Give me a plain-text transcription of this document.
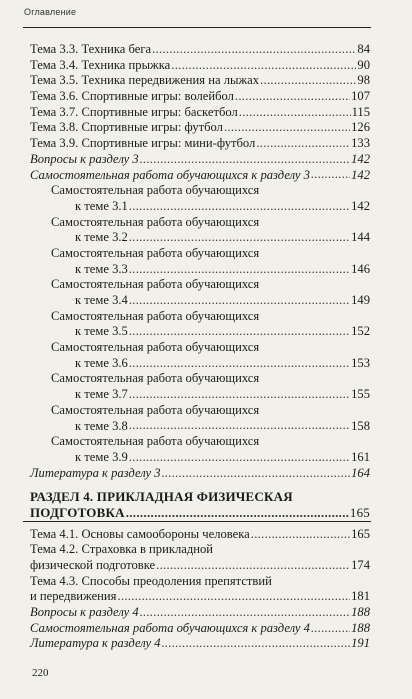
Оглавление
Тема 3.3. Техника бега .....	84
Тема 3.4. Техника прыжка .....	90
Тема 3.5. Техника передвижения на лыжах .....	98
Тема 3.6. Спортивные игры: волейбол .....	107
Тема 3.7. Спортивные игры: баскетбол .....	115
Тема 3.8. Спортивные игры: футбол .....	126
Тема 3.9. Спортивные игры: мини-футбол .....	133
Вопросы к разделу 3 .....	142
Самостоятельная работа обучающихся к разделу 3 .....	142
Самостоятельная работа обучающихся
к теме 3.1 .....	142
Самостоятельная работа обучающихся
к теме 3.2 .....	144
Самостоятельная работа обучающихся
к теме 3.3 .....	146
Самостоятельная работа обучающихся
к теме 3.4 .....	149
Самостоятельная работа обучающихся
к теме 3.5 .....	152
Самостоятельная работа обучающихся
к теме 3.6 .....	153
Самостоятельная работа обучающихся
к теме 3.7 .....	155
Самостоятельная работа обучающихся
к теме 3.8 .....	158
Самостоятельная работа обучающихся
к теме 3.9 .....	161
Литература к разделу 3 .....	164
РАЗДЕЛ 4. ПРИКЛАДНАЯ ФИЗИЧЕСКАЯ
ПОДГОТОВКА .....	165
Тема 4.1. Основы самообороны человека .....	165
Тема 4.2. Страховка в прикладной
физической подготовке .....	174
Тема 4.3. Способы преодоления препятствий
и передвижения .....	181
Вопросы к разделу 4 .....	188
Самостоятельная работа обучающихся к разделу 4 .....	188
Литература к разделу 4 .....	191
220
